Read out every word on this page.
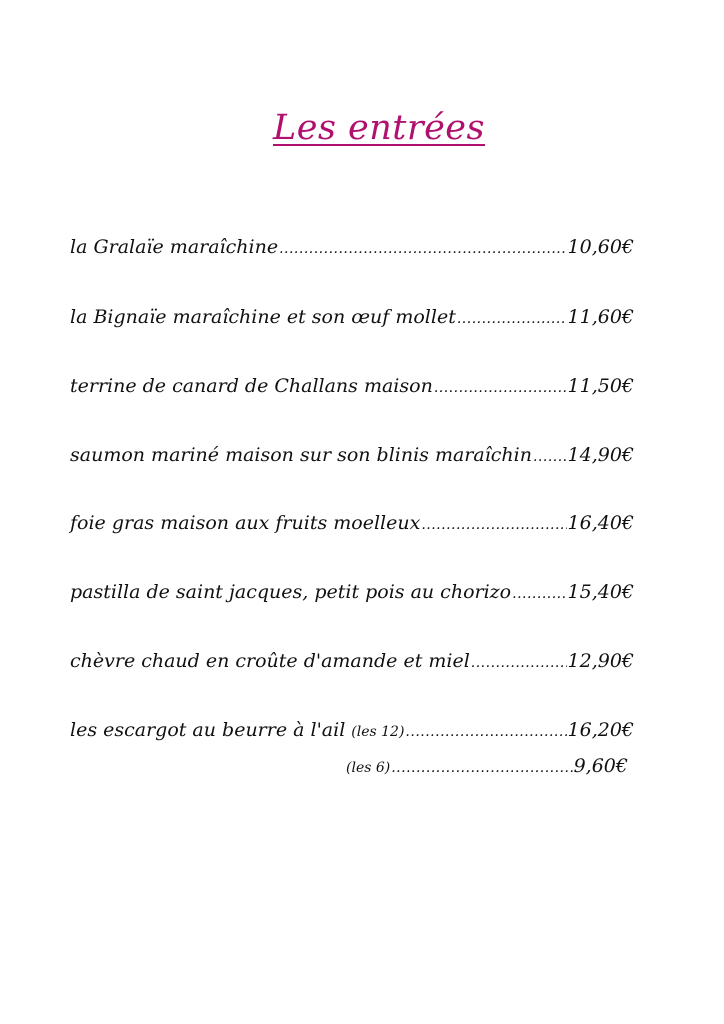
Les entrées
la Gralaïe maraîchine .....	10,60€
la Bignaïe maraîchine et son œuf mollet .....	11,60€
terrine de canard de Challans maison .....	11,50€
saumon mariné maison sur son blinis maraîchin ..... 14,90€
foie gras maison aux fruits moelleux .....	16,40€
pastilla de saint jacques, petit pois au chorizo .....	15,40€
chèvre chaud en croûte d'amande et miel .....	12,90€
les escargot au beurre à l'ail (les 12) .....	16,20€
(les 6) .....	9,60€
